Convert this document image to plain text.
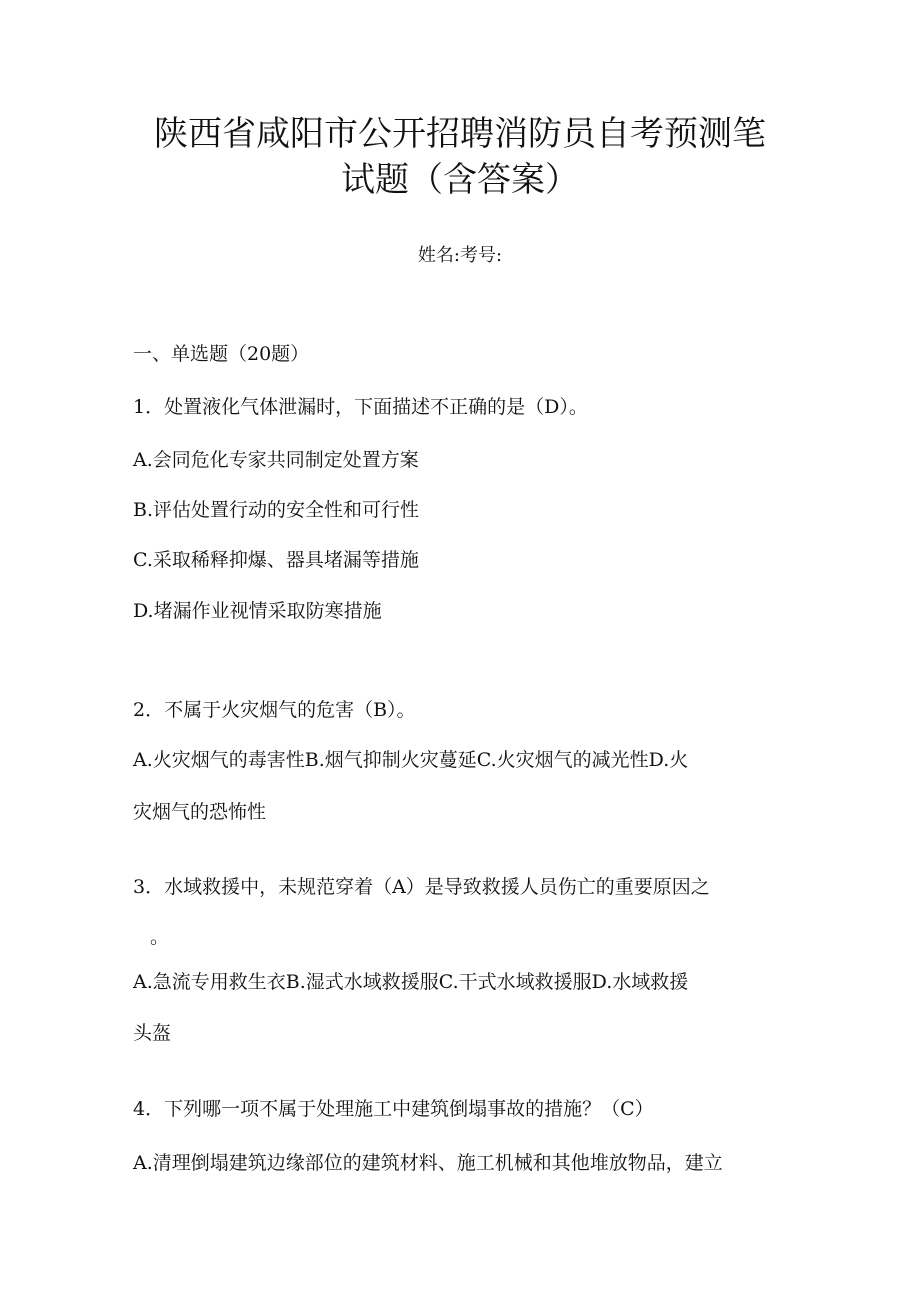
陕西省咸阳市公开招聘消防员自考预测笔
试题（含答案）
姓名:考号:
一、单选题（20题）
1．处置液化气体泄漏时，下面描述不正确的是（D）。
A.会同危化专家共同制定处置方案
B.评估处置行动的安全性和可行性
C.采取稀释抑爆、器具堵漏等措施
D.堵漏作业视情采取防寒措施
2．不属于火灾烟气的危害（B）。
A.火灾烟气的毒害性B.烟气抑制火灾蔓延C.火灾烟气的减光性D.火
灾烟气的恐怖性
3．水域救援中，未规范穿着（A）是导致救援人员伤亡的重要原因之
。
A.急流专用救生衣B.湿式水域救援服C.干式水域救援服D.水域救援
头盔
4．下列哪一项不属于处理施工中建筑倒塌事故的措施？（C）
A.清理倒塌建筑边缘部位的建筑材料、施工机械和其他堆放物品，建立
